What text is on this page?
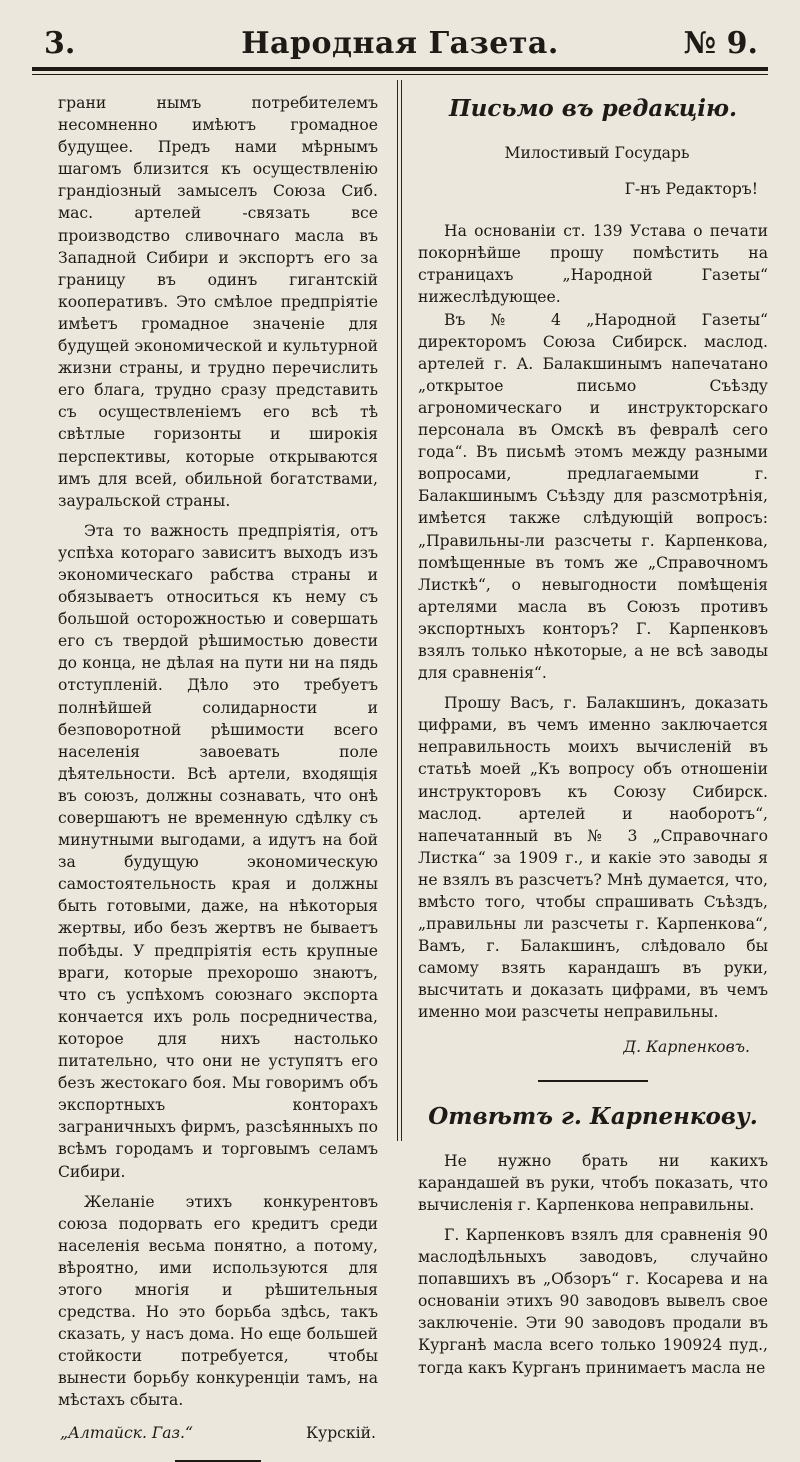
3.	Народная Газета.	№ 9.

грани нымъ потребителемъ несомненно имѣютъ громадное будущее. Предъ нами мѣрнымъ шагомъ близится къ осуществленію грандіозный замыселъ Союза Сиб. мас. артелей -связать все производство сливочнаго масла въ Западной Сибири и экспортъ его за границу въ одинъ гигантскій кооперативъ. Это смѣлое предпріятіе имѣетъ громадное значеніе для будущей экономической и культурной жизни страны, и трудно перечислить его блага, трудно сразу представить съ осуществленіемъ его всѣ тѣ свѣтлые горизонты и широкія перспективы, которые открываются имъ для всей, обильной богатствами, зауральской страны.

Эта то важность предпріятія, отъ успѣха котораго зависитъ выходъ изъ экономическаго рабства страны и обязываетъ относиться къ нему съ большой осторожностью и совершать его съ твердой рѣшимостью довести до конца, не дѣлая на пути ни на пядь отступленій. Дѣло это требуетъ полнѣйшей солидарности и безповоротной рѣшимости всего населенія завоевать поле дѣятельности. Всѣ артели, входящія въ союзъ, должны сознавать, что онѣ совершаютъ не временную сдѣлку съ минутными выгодами, а идутъ на бой за будущую экономическую самостоятельность края и должны быть готовыми, даже, на нѣкоторыя жертвы, ибо безъ жертвъ не бываетъ побѣды. У предпріятія есть крупные враги, которые прехорошо знаютъ, что съ успѣхомъ союзнаго экспорта кончается ихъ роль посредничества, которое для нихъ настолько питательно, что они не уступятъ его безъ жестокаго боя. Мы говоримъ объ экспортныхъ конторахъ заграничныхъ фирмъ, разсѣянныхъ по всѣмъ городамъ и торговымъ селамъ Сибири.

Желаніе этихъ конкурентовъ союза подорвать его кредитъ среди населенія весьма понятно, а потому, вѣроятно, ими используются для этого многія и рѣшительныя средства. Но это борьба здѣсь, такъ сказать, у насъ дома. Но еще большей стойкости потребуется, чтобы вынести борьбу конкуренціи тамъ, на мѣстахъ сбыта.

„Алтайск. Газ.“	Курскій.
Письмо въ редакцію.
Милостивый Государь
Г-нъ Редакторъ!

На основаніи ст. 139 Устава о печати покорнѣйше прошу помѣстить на страницахъ „Народной Газеты“ нижеслѣдующее.

Въ № 4 „Народной Газеты“ директоромъ Союза Сибирск. маслод. артелей г. А. Балакшинымъ напечатано „открытое письмо Съѣзду агрономическаго и инструкторскаго персонала въ Омскѣ въ февралѣ сего года“. Въ письмѣ этомъ между разными вопросами, предлагаемыми г. Балакшинымъ Съѣзду для разсмотрѣнія, имѣется также слѣдующій вопросъ: „Правильны-ли разсчеты г. Карпенкова, помѣщенные въ томъ же „Справочномъ Листкѣ“, о невыгодности помѣщенія артелями масла въ Союзъ противъ экспортныхъ конторъ? Г. Карпенковъ взялъ только нѣкоторые, а не всѣ заводы для сравненія“.

Прошу Васъ, г. Балакшинъ, доказать цифрами, въ чемъ именно заключается неправильность моихъ вычисленій въ статьѣ моей „Къ вопросу объ отношеніи инструкторовъ къ Союзу Сибирск. маслод. артелей и наоборотъ“, напечатанный въ № 3 „Справочнаго Листка“ за 1909 г., и какіе это заводы я не взялъ въ разсчетъ? Мнѣ думается, что, вмѣсто того, чтобы спрашивать Съѣздъ, „правильны ли разсчеты г. Карпенкова“, Вамъ, г. Балакшинъ, слѣдовало бы самому взять карандашъ въ руки, высчитать и доказать цифрами, въ чемъ именно мои разсчеты неправильны.

Д. Карпенковъ.
Отвѣтъ г. Карпенкову.

Не нужно брать ни какихъ карандашей въ руки, чтобъ показать, что вычисленія г. Карпенкова неправильны.

Г. Карпенковъ взялъ для сравненія 90 маслодѣльныхъ заводовъ, случайно попавшихъ въ „Обзоръ“ г. Косарева и на основаніи этихъ 90 заводовъ вывелъ свое заключеніе. Эти 90 заводовъ продали въ Курганѣ масла всего только 190924 пуд., тогда какъ Курганъ принимаетъ масла не
